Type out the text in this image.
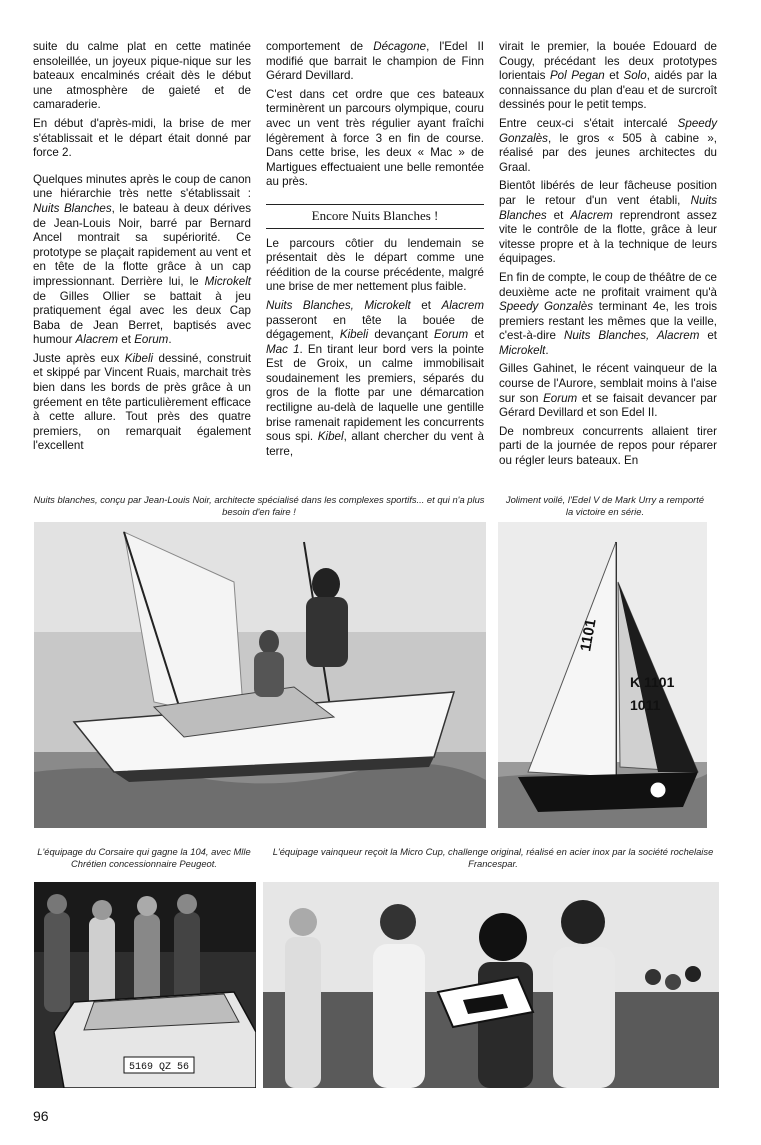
suite du calme plat en cette matinée ensoleillée, un joyeux pique-nique sur les bateaux encalminés créait dès le début une atmosphère de gaieté et de camaraderie.

En début d'après-midi, la brise de mer s'établissait et le départ était donné par force 2.

Quelques minutes après le coup de canon une hiérarchie très nette s'établissait : Nuits Blanches, le bateau à deux dérives de Jean-Louis Noir, barré par Bernard Ancel montrait sa supériorité. Ce prototype se plaçait rapidement au vent et en tête de la flotte grâce à un cap impressionnant. Derrière lui, le Microkelt de Gilles Ollier se battait à jeu pratiquement égal avec les deux Cap Baba de Jean Berret, baptisés avec humour Alacrem et Eorum.

Juste après eux Kibeli dessiné, construit et skippé par Vincent Ruais, marchait très bien dans les bords de près grâce à un gréement en tête particulièrement efficace à cette allure. Tout près des quatre premiers, on remarquait également l'excellent

comportement de Décagone, l'Edel II modifié que barrait le champion de Finn Gérard Devillard.

C'est dans cet ordre que ces bateaux terminèrent un parcours olympique, couru avec un vent très régulier ayant fraîchi légèrement à force 3 en fin de course. Dans cette brise, les deux « Mac » de Martigues effectuaient une belle remontée au près.

Encore Nuits Blanches !

Le parcours côtier du lendemain se présentait dès le départ comme une réédition de la course précédente, malgré une brise de mer nettement plus faible.

Nuits Blanches, Microkelt et Alacrem passeront en tête la bouée de dégagement, Kibeli devançant Eorum et Mac 1. En tirant leur bord vers la pointe Est de Groix, un calme immobilisait soudainement les premiers, séparés du gros de la flotte par une démarcation rectiligne au-delà de laquelle une gentille brise ramenait rapidement les concurrents sous spi. Kibel, allant chercher du vent à terre,

virait le premier, la bouée Edouard de Cougy, précédant les deux prototypes lorientais Pol Pegan et Solo, aidés par la connaissance du plan d'eau et de surcroît dessinés pour le petit temps.

Entre ceux-ci s'était intercalé Speedy Gonzalès, le gros « 505 à cabine », réalisé par des jeunes architectes du Graal.

Bientôt libérés de leur fâcheuse position par le retour d'un vent établi, Nuits Blanches et Alacrem reprendront assez vite le contrôle de la flotte, grâce à leur vitesse propre et à la technique de leurs équipages.

En fin de compte, le coup de théâtre de ce deuxième acte ne profitait vraiment qu'à Speedy Gonzalès terminant 4e, les trois premiers restant les mêmes que la veille, c'est-à-dire Nuits Blanches, Alacrem et Microkelt.

Gilles Gahinet, le récent vainqueur de la course de l'Aurore, semblait moins à l'aise sur son Eorum et se faisait devancer par Gérard Devillard et son Edel II.

De nombreux concurrents allaient tirer parti de la journée de repos pour réparer ou régler leurs bateaux. En

Nuits blanches, conçu par Jean-Louis Noir, architecte spécialisé dans les complexes sportifs... et qui n'a plus besoin d'en faire !
Joliment voilé, l'Edel V de Mark Urry a remporté la victoire en série.
1101
K 1101
1011
L'équipage du Corsaire qui gagne la 104, avec Mlle Chrétien concessionnaire Peugeot.
L'équipage vainqueur reçoit la Micro Cup, challenge original, réalisé en acier inox par la société rochelaise Francespar.
5169 QZ 56
96
